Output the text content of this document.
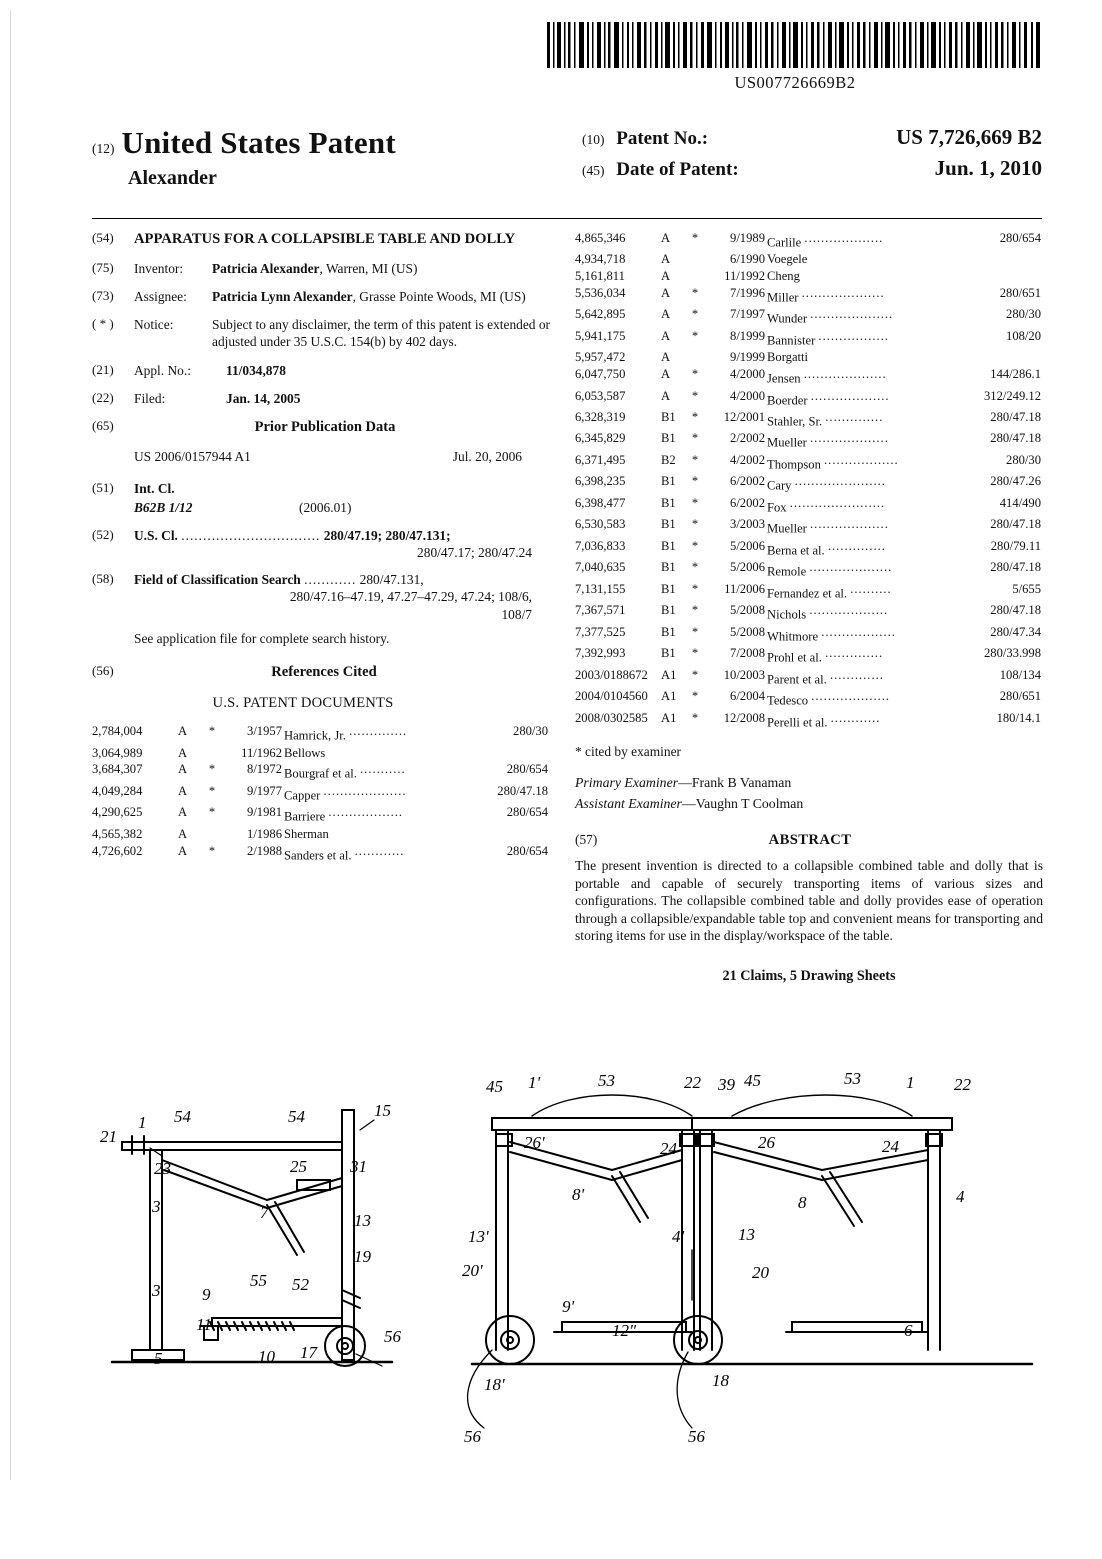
US007726669B2
(12) United States Patent
Alexander
(10) Patent No.:	US 7,726,669 B2
(45) Date of Patent:	Jun. 1, 2010
(54)	APPARATUS FOR A COLLAPSIBLE TABLE AND DOLLY
(75)	Inventor:	Patricia Alexander, Warren, MI (US)
(73)	Assignee:	Patricia Lynn Alexander, Grasse Pointe Woods, MI (US)
( * )	Notice:	Subject to any disclaimer, the term of this patent is extended or adjusted under 35 U.S.C. 154(b) by 402 days.
(21)	Appl. No.:	11/034,878
(22)	Filed:	Jan. 14, 2005
(65)	Prior Publication Data
US 2006/0157944 A1	Jul. 20, 2006
(51)	Int. Cl.
B62B 1/12	(2006.01)
(52)	U.S. Cl. ................................ 280/47.19; 280/47.131;
280/47.17; 280/47.24
(58)	Field of Classification Search ............ 280/47.131,
280/47.16–47.19, 47.27–47.29, 47.24; 108/6,
108/7
See application file for complete search history.
(56)	References Cited
U.S. PATENT DOCUMENTS
2,784,004	A	*	3/1957	Hamrick, Jr. ..............	280/30
3,064,989	A		11/1962	Bellows	
3,684,307	A	*	8/1972	Bourgraf et al. ...........	280/654
4,049,284	A	*	9/1977	Capper ....................	280/47.18
4,290,625	A	*	9/1981	Barriere ..................	280/654
4,565,382	A		1/1986	Sherman	
4,726,602	A	*	2/1988	Sanders et al. ............	280/654
4,865,346	A	*	9/1989	Carlile ...................	280/654
4,934,718	A		6/1990	Voegele	
5,161,811	A		11/1992	Cheng	
5,536,034	A	*	7/1996	Miller ....................	280/651
5,642,895	A	*	7/1997	Wunder ....................	280/30
5,941,175	A	*	8/1999	Bannister .................	108/20
5,957,472	A		9/1999	Borgatti	
6,047,750	A	*	4/2000	Jensen ....................	144/286.1
6,053,587	A	*	4/2000	Boerder ...................	312/249.12
6,328,319	B1	*	12/2001	Stahler, Sr. ..............	280/47.18
6,345,829	B1	*	2/2002	Mueller ...................	280/47.18
6,371,495	B2	*	4/2002	Thompson ..................	280/30
6,398,235	B1	*	6/2002	Cary ......................	280/47.26
6,398,477	B1	*	6/2002	Fox .......................	414/490
6,530,583	B1	*	3/2003	Mueller ...................	280/47.18
7,036,833	B1	*	5/2006	Berna et al. ..............	280/79.11
7,040,635	B1	*	5/2006	Remole ....................	280/47.18
7,131,155	B1	*	11/2006	Fernandez et al. ..........	5/655
7,367,571	B1	*	5/2008	Nichols ...................	280/47.18
7,377,525	B1	*	5/2008	Whitmore ..................	280/47.34
7,392,993	B1	*	7/2008	Prohl et al. ..............	280/33.998
2003/0188672	A1	*	10/2003	Parent et al. .............	108/134
2004/0104560	A1	*	6/2004	Tedesco ...................	280/651
2008/0302585	A1	*	12/2008	Perelli et al. ............	180/14.1
* cited by examiner
Primary Examiner—Frank B Vanaman
Assistant Examiner—Vaughn T Coolman
(57)	ABSTRACT
The present invention is directed to a collapsible combined table and dolly that is portable and capable of securely transporting items of various sizes and configurations. The collapsible combined table and dolly provides ease of operation through a collapsible/expandable table top and convenient means for transporting and storing items for use in the display/workspace of the table.
21 Claims, 5 Drawing Sheets
15
1 54	54
21
23	25	31
3	7	13
19
3 9
55 52
11
5	10 17
56
45 1'	53	22 39 45	53	1 22
26'	24	26	24
8'	8	4
13'	4'	13
20'	20
9'
12"	6
18'	18
56	56
